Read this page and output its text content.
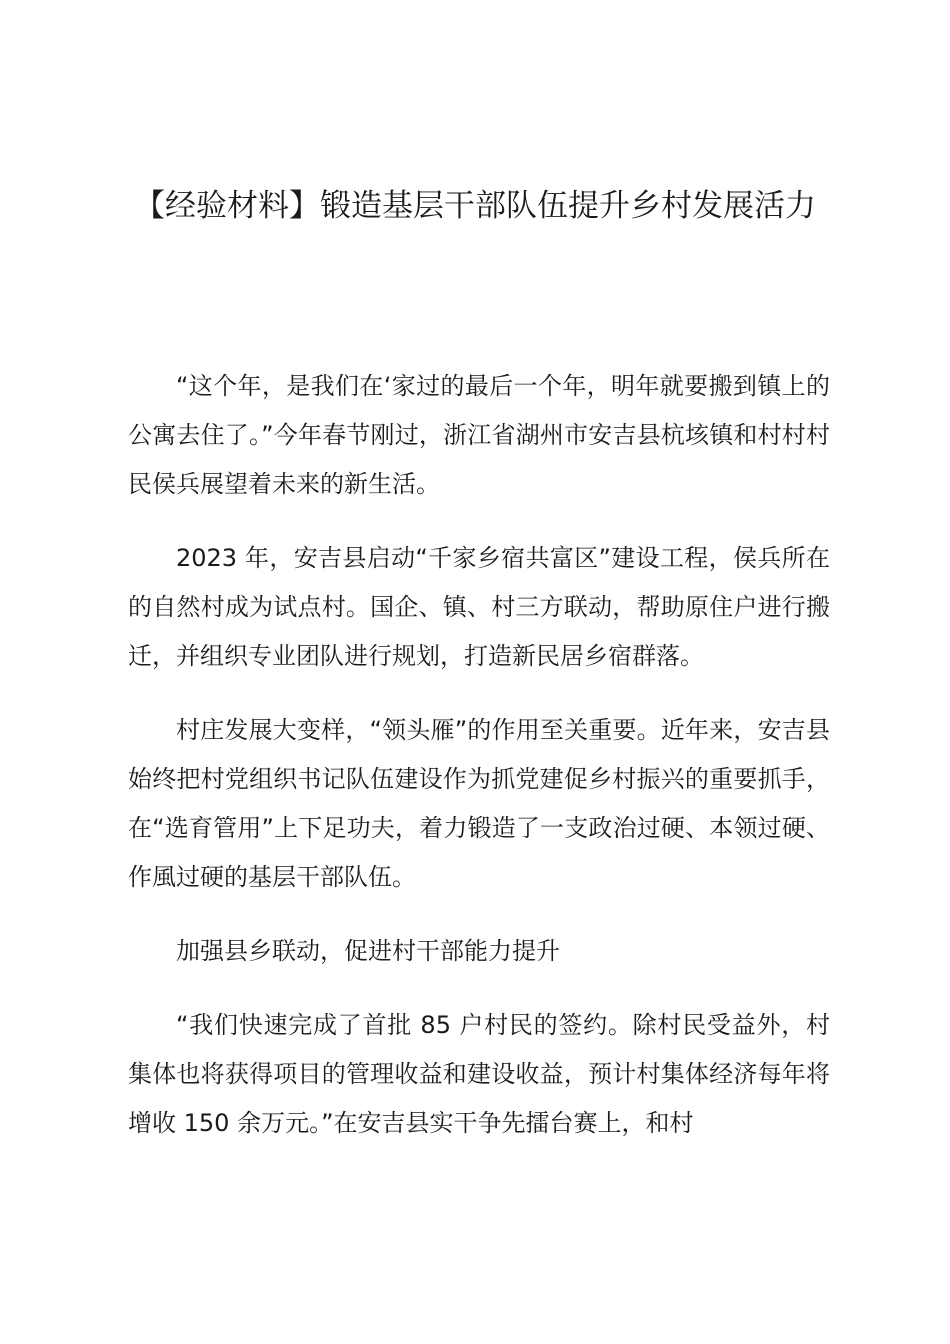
【经验材料】锻造基层干部队伍提升乡村发展活力

“这个年，是我们在‘家过的最后一个年，明年就要搬到镇上的公寓去住了。”今年春节刚过，浙江省湖州市安吉县杭垓镇和村村村民侯兵展望着未来的新生活。

2023 年，安吉县启动“千家乡宿共富区”建设工程，侯兵所在的自然村成为试点村。国企、镇、村三方联动，帮助原住户进行搬迁，并组织专业团队进行规划，打造新民居乡宿群落。

村庄发展大变样，“领头雁”的作用至关重要。近年来，安吉县始终把村党组织书记队伍建设作为抓党建促乡村振兴的重要抓手，在“选育管用”上下足功夫，着力锻造了一支政治过硬、本领过硬、作風过硬的基层干部队伍。

加强县乡联动，促进村干部能力提升

“我们快速完成了首批 85 户村民的签约。除村民受益外，村集体也将获得项目的管理收益和建设收益，预计村集体经济每年将增收 150 余万元。”在安吉县实干争先擂台赛上，和村
